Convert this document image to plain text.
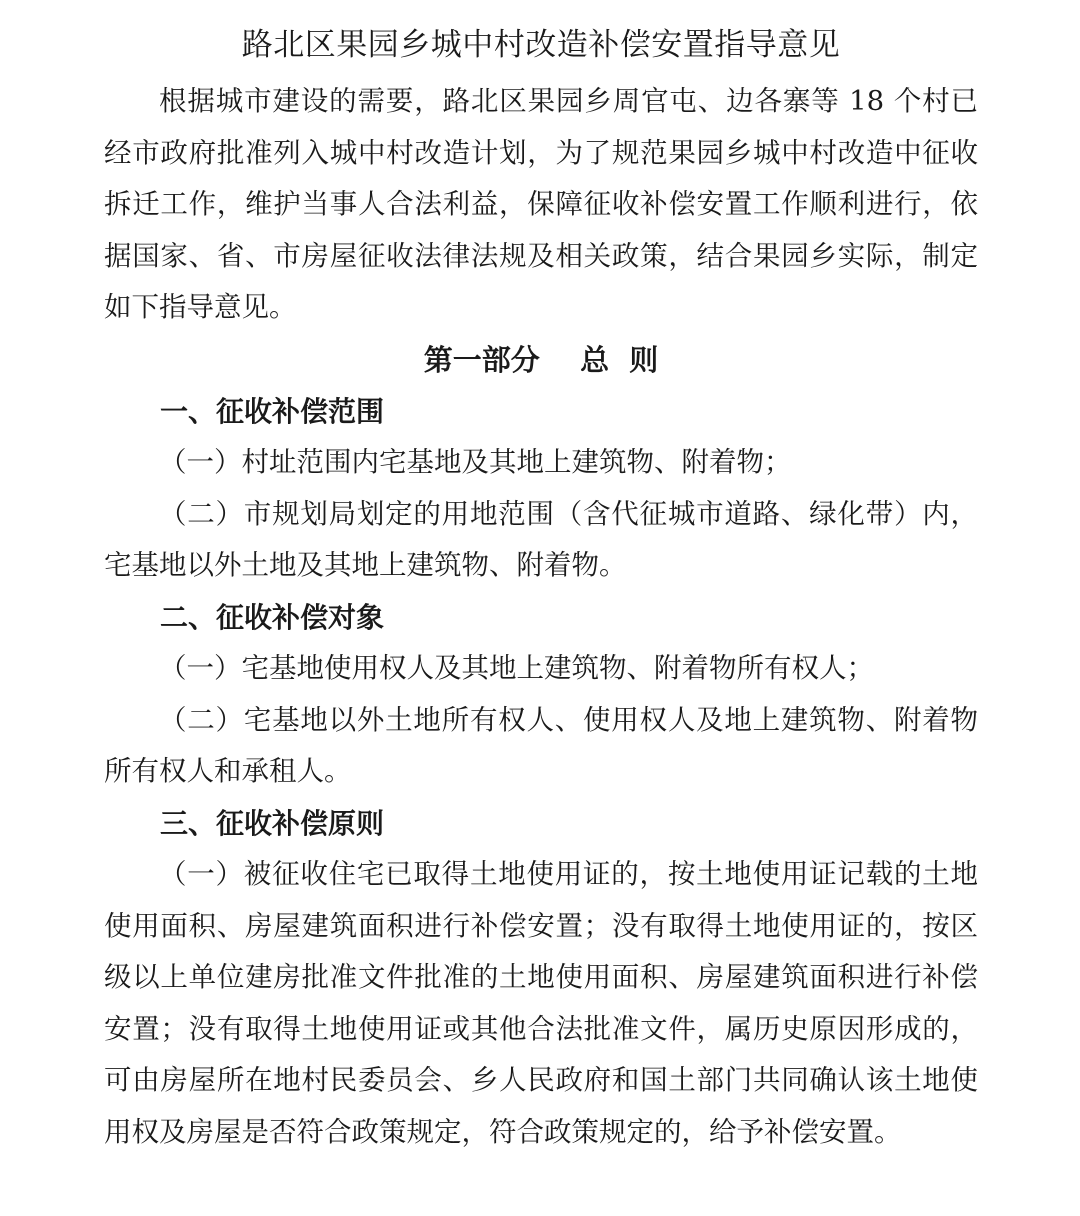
路北区果园乡城中村改造补偿安置指导意见

根据城市建设的需要，路北区果园乡周官屯、边各寨等 18 个村已经市政府批准列入城中村改造计划，为了规范果园乡城中村改造中征收拆迁工作，维护当事人合法利益，保障征收补偿安置工作顺利进行，依据国家、省、市房屋征收法律法规及相关政策，结合果园乡实际，制定如下指导意见。

第一部分    总  则
一、征收补偿范围

（一）村址范围内宅基地及其地上建筑物、附着物；

（二）市规划局划定的用地范围（含代征城市道路、绿化带）内，宅基地以外土地及其地上建筑物、附着物。

二、征收补偿对象

（一）宅基地使用权人及其地上建筑物、附着物所有权人；

（二）宅基地以外土地所有权人、使用权人及地上建筑物、附着物所有权人和承租人。

三、征收补偿原则

（一）被征收住宅已取得土地使用证的，按土地使用证记载的土地使用面积、房屋建筑面积进行补偿安置；没有取得土地使用证的，按区级以上单位建房批准文件批准的土地使用面积、房屋建筑面积进行补偿安置；没有取得土地使用证或其他合法批准文件，属历史原因形成的，可由房屋所在地村民委员会、乡人民政府和国土部门共同确认该土地使用权及房屋是否符合政策规定，符合政策规定的，给予补偿安置。
